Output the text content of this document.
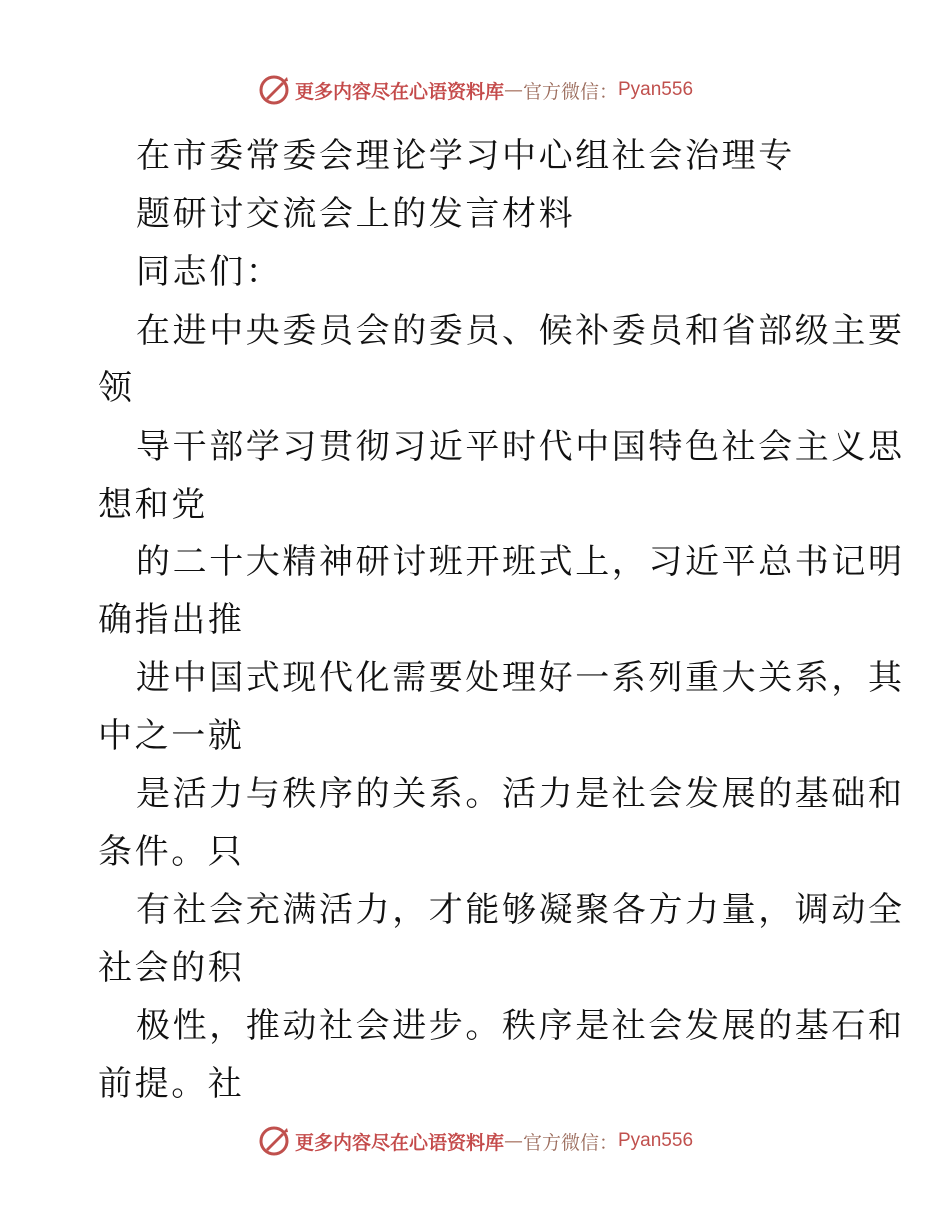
更多内容尽在心语资料库 — 官方微信： Pyan556
在市委常委会理论学习中心组社会治理专
题研讨交流会上的发言材料
同志们：
在进中央委员会的委员、候补委员和省部级主要
领
导干部学习贯彻习近平时代中国特色社会主义思
想和党
的二十大精神研讨班开班式上，习近平总书记明
确指出推
进中国式现代化需要处理好一系列重大关系，其
中之一就
是活力与秩序的关系。活力是社会发展的基础和
条件。只
有社会充满活力，才能够凝聚各方力量，调动全
社会的积
极性，推动社会进步。秩序是社会发展的基石和
前提。社
更多内容尽在心语资料库 — 官方微信： Pyan556
